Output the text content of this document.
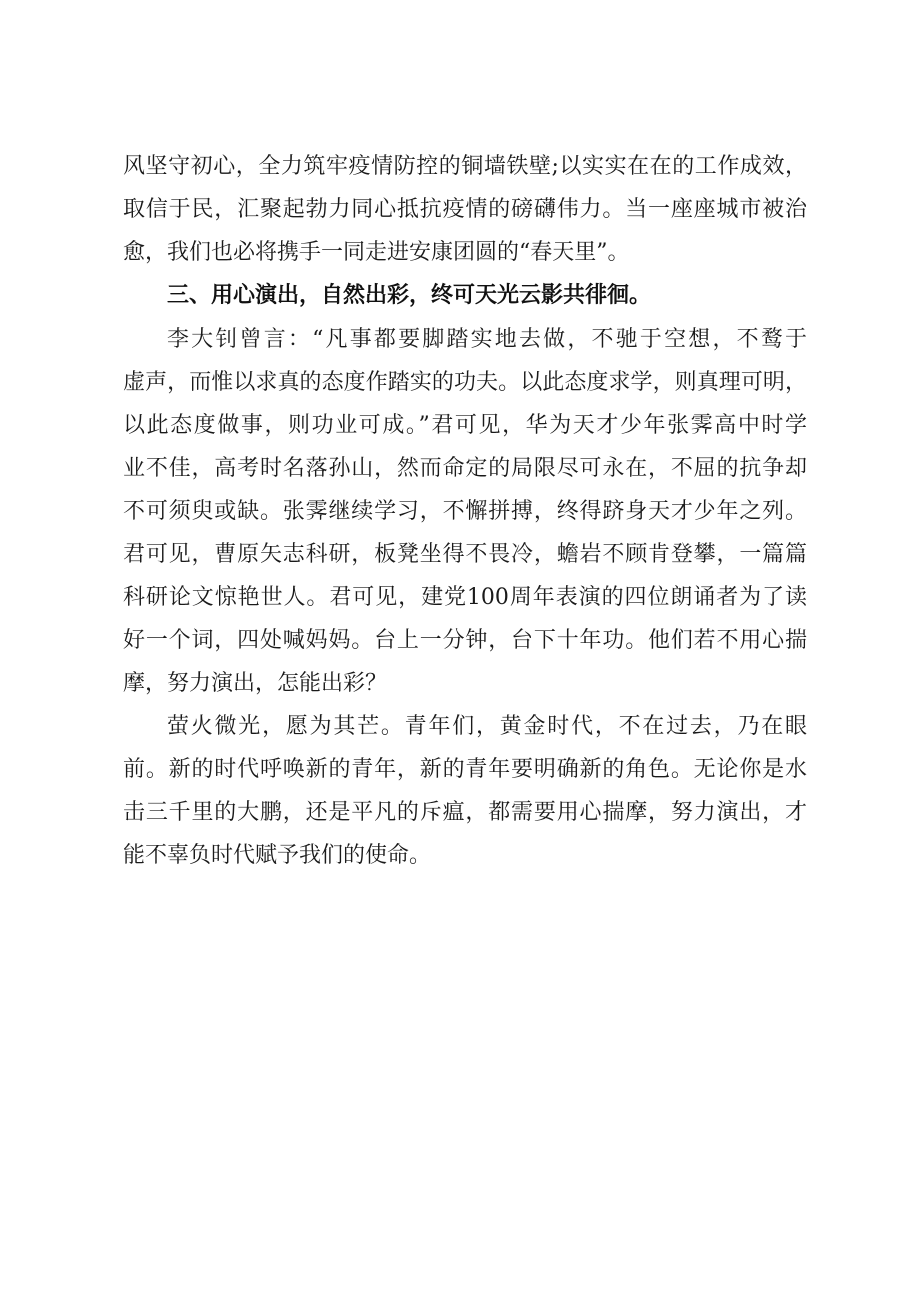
风坚守初心，全力筑牢疫情防控的铜墙铁壁;以实实在在的工作成效，
取信于民，汇聚起勃力同心抵抗疫情的磅礴伟力。当一座座城市被治
愈，我们也必将携手一同走进安康团圆的“春天里”。
三、用心演出，自然出彩，终可天光云影共徘徊。
李大钊曾言：“凡事都要脚踏实地去做，不驰于空想，不鹜于
虚声，而惟以求真的态度作踏实的功夫。以此态度求学，则真理可明，
以此态度做事，则功业可成。”君可见，华为天才少年张霁高中时学
业不佳，高考时名落孙山，然而命定的局限尽可永在，不屈的抗争却
不可须臾或缺。张霁继续学习，不懈拼搏，终得跻身天才少年之列。
君可见，曹原矢志科研，板凳坐得不畏冷，蟾岩不顾肯登攀，一篇篇
科研论文惊艳世人。君可见，建党100周年表演的四位朗诵者为了读
好一个词，四处喊妈妈。台上一分钟，台下十年功。他们若不用心揣
摩，努力演出，怎能出彩？
萤火微光，愿为其芒。青年们，黄金时代，不在过去，乃在眼
前。新的时代呼唤新的青年，新的青年要明确新的角色。无论你是水
击三千里的大鹏，还是平凡的斥瘟，都需要用心揣摩，努力演出，才
能不辜负时代赋予我们的使命。
